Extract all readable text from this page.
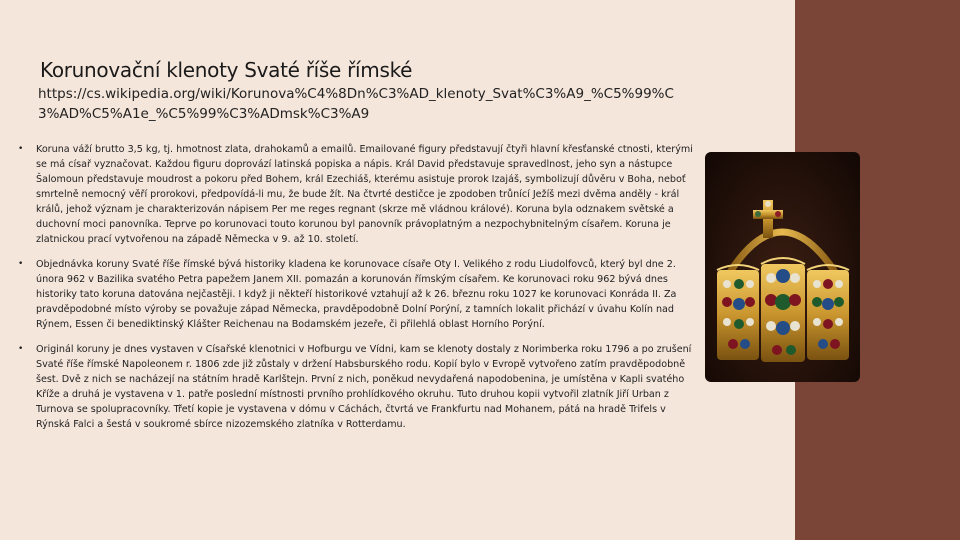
Korunovační klenoty Svaté říše římské
https://cs.wikipedia.org/wiki/Korunova%C4%8Dn%C3%AD_klenoty_Svat%C3%A9_%C5%99%C3%AD%C5%A1e_%C5%99%C3%ADmsk%C3%A9
• Koruna váží brutto 3,5 kg, tj. hmotnost zlata, drahokamů a emailů. Emailované figury představují čtyři hlavní křesťanské ctnosti, kterými se má císař vyznačovat. Každou figuru doprovází latinská popiska a nápis. Král David představuje spravedlnost, jeho syn a nástupce Šalomoun představuje moudrost a pokoru před Bohem, král Ezechiáš, kterému asistuje prorok Izajáš, symbolizují důvěru v Boha, neboť smrtelně nemocný věří prorokovi, předpovídá-li mu, že bude žít. Na čtvrté destičce je zpodoben trůnící Ježíš mezi dvěma anděly - král králů, jehož význam je charakterizován nápisem Per me reges regnant (skrze mě vládnou králové). Koruna byla odznakem světské a duchovní moci panovníka. Teprve po korunovaci touto korunou byl panovník právoplatným a nezpochybnitelným císařem. Koruna je zlatnickou prací vytvořenou na západě Německa v 9. až 10. století.
• Objednávka koruny Svaté říše římské bývá historiky kladena ke korunovace císaře Oty I. Velikého z rodu Liudolfovců, který byl dne 2. února 962 v Bazilika svatého Petra papežem Janem XII. pomazán a korunován římským císařem. Ke korunovaci roku 962 bývá dnes historiky tato koruna datována nejčastěji. I když ji někteří historikové vztahují až k 26. březnu roku 1027 ke korunovaci Konráda II. Za pravděpodobné místo výroby se považuje západ Německa, pravděpodobně Dolní Porýní, z tamních lokalit přichází v úvahu Kolín nad Rýnem, Essen či benediktinský Klášter Reichenau na Bodamském jezeře, či přilehlá oblast Horního Porýní.
• Originál koruny je dnes vystaven v Císařské klenotnici v Hofburgu ve Vídni, kam se klenoty dostaly z Norimberka roku 1796 a po zrušení Svaté říše římské Napoleonem r. 1806 zde již zůstaly v držení Habsburského rodu. Kopií bylo v Evropě vytvořeno zatím pravděpodobně šest. Dvě z nich se nacházejí na státním hradě Karlštejn. První z nich, poněkud nevydařená napodobenina, je umístěna v Kapli svatého Kříže a druhá je vystavena v 1. patře poslední místnosti prvního prohlídkového okruhu. Tuto druhou kopii vytvořil zlatník Jiří Urban z Turnova se spolupracovníky. Třetí kopie je vystavena v dómu v Cáchách, čtvrtá ve Frankfurtu nad Mohanem, pátá na hradě Trifels v Rýnská Falci a šestá v soukromé sbírce nizozemského zlatníka v Rotterdamu.
